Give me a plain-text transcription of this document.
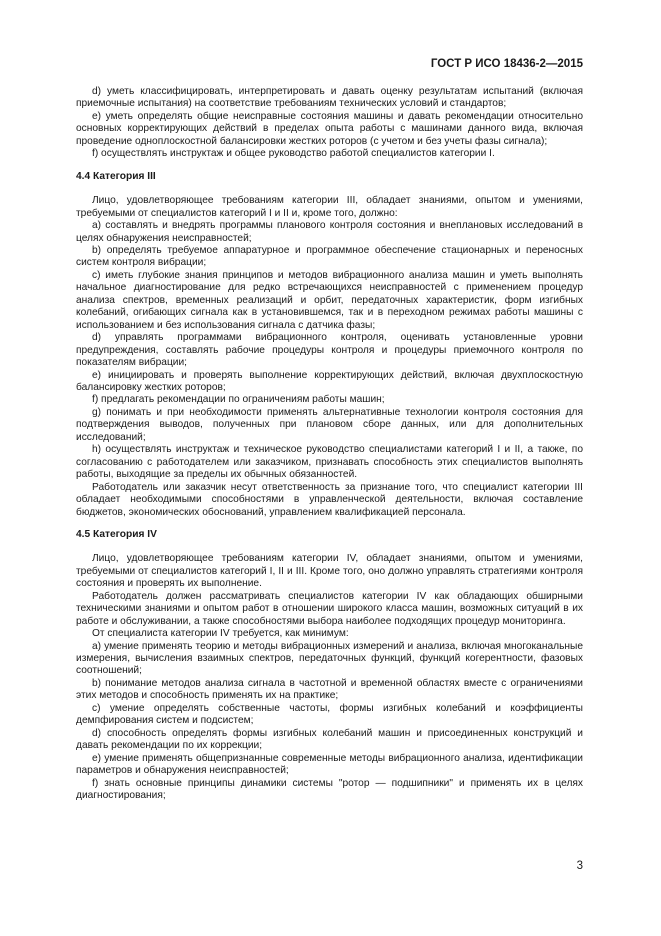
ГОСТ Р ИСО 18436-2—2015

d) уметь классифицировать, интерпретировать и давать оценку результатам испытаний (включая приемочные испытания) на соответствие требованиям технических условий и стандартов;

e) уметь определять общие неисправные состояния машины и давать рекомендации относительно основных корректирующих действий в пределах опыта работы с машинами данного вида, включая проведение одноплоскостной балансировки жестких роторов (с учетом и без учеты фазы сигнала);

f) осуществлять инструктаж и общее руководство работой специалистов категории I.

4.4 Категория III

Лицо, удовлетворяющее требованиям категории III, обладает знаниями, опытом и умениями, требуемыми от специалистов категорий I и II и, кроме того, должно:

a) составлять и внедрять программы планового контроля состояния и внеплановых исследований в целях обнаружения неисправностей;

b) определять требуемое аппаратурное и программное обеспечение стационарных и переносных систем контроля вибрации;

c) иметь глубокие знания принципов и методов вибрационного анализа машин и уметь выполнять начальное диагностирование для редко встречающихся неисправностей с применением процедур анализа спектров, временных реализаций и орбит, передаточных характеристик, форм изгибных колебаний, огибающих сигнала как в установившемся, так и в переходном режимах работы машины с использованием и без использования сигнала с датчика фазы;

d) управлять программами вибрационного контроля, оценивать установленные уровни предупреждения, составлять рабочие процедуры контроля и процедуры приемочного контроля по показателям вибрации;

e) инициировать и проверять выполнение корректирующих действий, включая двухплоскостную балансировку жестких роторов;

f) предлагать рекомендации по ограничениям работы машин;

g) понимать и при необходимости применять альтернативные технологии контроля состояния для подтверждения выводов, полученных при плановом сборе данных, или для дополнительных исследований;

h) осуществлять инструктаж и техническое руководство специалистами категорий I и II, а также, по согласованию с работодателем или заказчиком, признавать способность этих специалистов выполнять работы, выходящие за пределы их обычных обязанностей.

Работодатель или заказчик несут ответственность за признание того, что специалист категории III обладает необходимыми способностями в управленческой деятельности, включая составление бюджетов, экономических обоснований, управлением квалификацией персонала.

4.5 Категория IV

Лицо, удовлетворяющее требованиям категории IV, обладает знаниями, опытом и умениями, требуемыми от специалистов категорий I, II и III. Кроме того, оно должно управлять стратегиями контроля состояния и проверять их выполнение.

Работодатель должен рассматривать специалистов категории IV как обладающих обширными техническими знаниями и опытом работ в отношении широкого класса машин, возможных ситуаций в их работе и обслуживании, а также способностями выбора наиболее подходящих процедур мониторинга.

От специалиста категории IV требуется, как минимум:

a) умение применять теорию и методы вибрационных измерений и анализа, включая многоканальные измерения, вычисления взаимных спектров, передаточных функций, функций когерентности, фазовых соотношений;

b) понимание методов анализа сигнала в частотной и временной областях вместе с ограничениями этих методов и способность применять их на практике;

c) умение определять собственные частоты, формы изгибных колебаний и коэффициенты демпфирования систем и подсистем;

d) способность определять формы изгибных колебаний машин и присоединенных конструкций и давать рекомендации по их коррекции;

e) умение применять общепризнанные современные методы вибрационного анализа, идентификации параметров и обнаружения неисправностей;

f) знать основные принципы динамики системы "ротор — подшипники" и применять их в целях диагностирования;

3
